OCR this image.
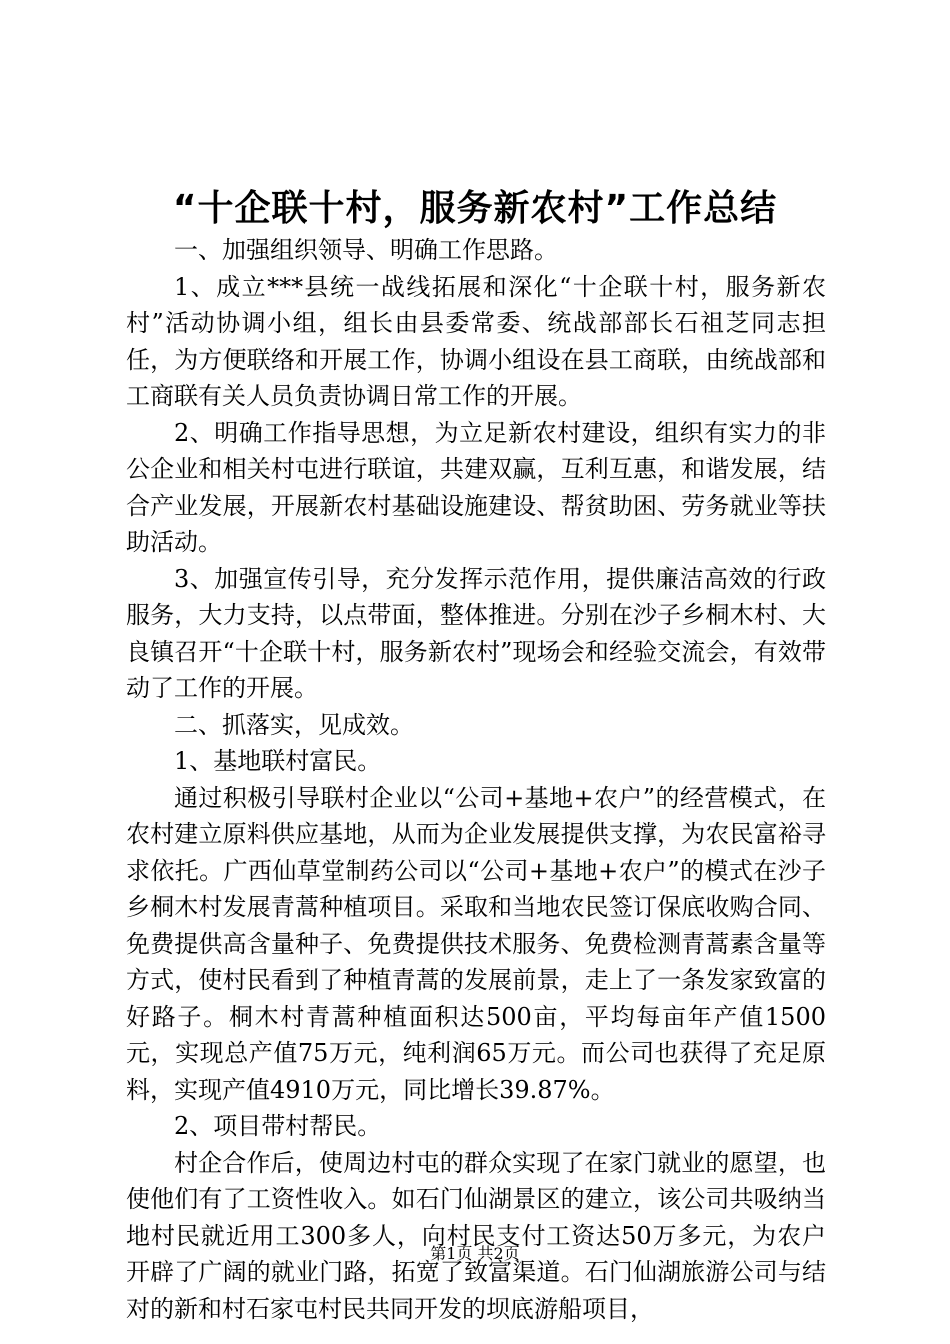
“十企联十村，服务新农村”工作总结

一、加强组织领导、明确工作思路。

1、成立***县统一战线拓展和深化“十企联十村，服务新农村”活动协调小组，组长由县委常委、统战部部长石祖芝同志担任，为方便联络和开展工作，协调小组设在县工商联，由统战部和工商联有关人员负责协调日常工作的开展。

2、明确工作指导思想，为立足新农村建设，组织有实力的非公企业和相关村屯进行联谊，共建双赢，互利互惠，和谐发展，结合产业发展，开展新农村基础设施建设、帮贫助困、劳务就业等扶助活动。

3、加强宣传引导，充分发挥示范作用，提供廉洁高效的行政服务，大力支持，以点带面，整体推进。分别在沙子乡桐木村、大良镇召开“十企联十村，服务新农村”现场会和经验交流会，有效带动了工作的开展。

二、抓落实，见成效。

1、基地联村富民。

通过积极引导联村企业以“公司+基地+农户”的经营模式，在农村建立原料供应基地，从而为企业发展提供支撑，为农民富裕寻求依托。广西仙草堂制药公司以“公司+基地+农户”的模式在沙子乡桐木村发展青蒿种植项目。采取和当地农民签订保底收购合同、免费提供高含量种子、免费提供技术服务、免费检测青蒿素含量等方式，使村民看到了种植青蒿的发展前景，走上了一条发家致富的好路子。桐木村青蒿种植面积达500亩，平均每亩年产值1500元，实现总产值75万元，纯利润65万元。而公司也获得了充足原料，实现产值4910万元，同比增长39.87%。

2、项目带村帮民。

村企合作后，使周边村屯的群众实现了在家门就业的愿望，也使他们有了工资性收入。如石门仙湖景区的建立，该公司共吸纳当地村民就近用工300多人，向村民支付工资达50万多元，为农户开辟了广阔的就业门路，拓宽了致富渠道。石门仙湖旅游公司与结对的新和村石家屯村民共同开发的坝底游船项目，

第1页 共2页
